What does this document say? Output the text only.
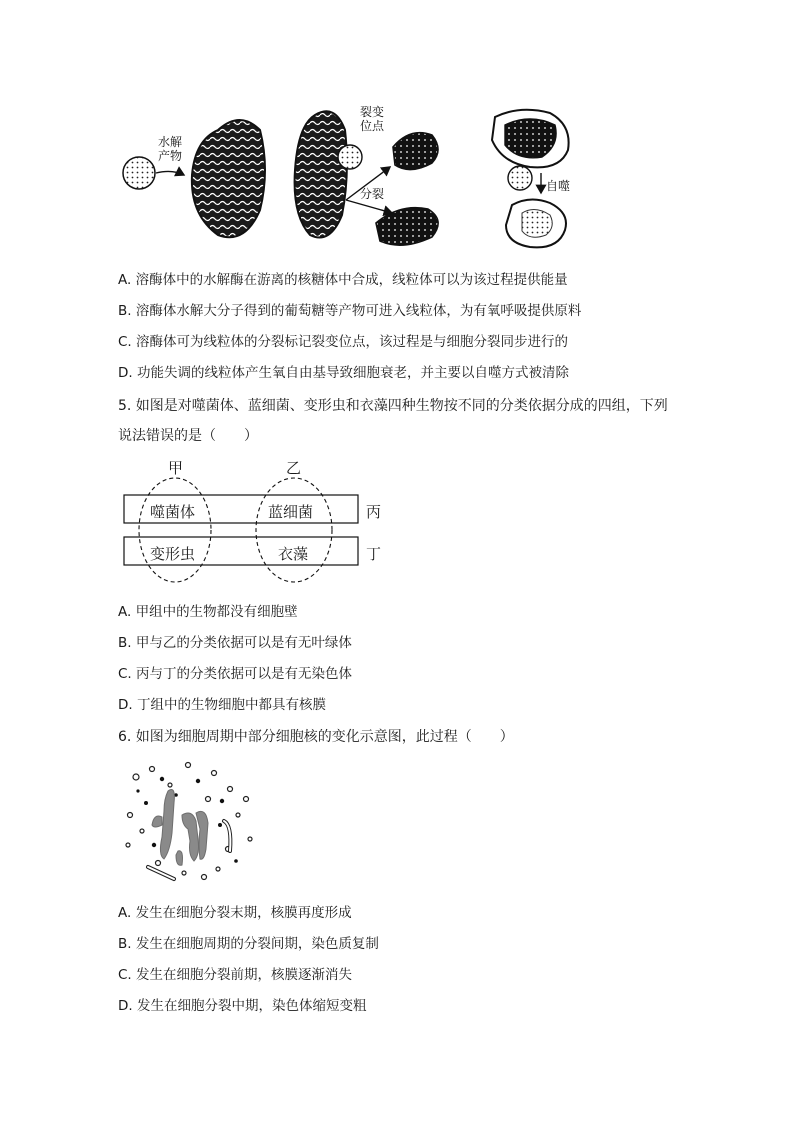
水解
产物
裂变
位点
分裂
自噬
A. 溶酶体中的水解酶在游离的核糖体中合成，线粒体可以为该过程提供能量
B. 溶酶体水解大分子得到的葡萄糖等产物可进入线粒体，为有氧呼吸提供原料
C. 溶酶体可为线粒体的分裂标记裂变位点，该过程是与细胞分裂同步进行的
D. 功能失调的线粒体产生氧自由基导致细胞衰老，并主要以自噬方式被清除
5. 如图是对噬菌体、蓝细菌、变形虫和衣藻四种生物按不同的分类依据分成的四组，下列
说法错误的是（　　）
甲	乙
丙
丁
噬菌体	蓝细菌
变形虫	衣藻
A. 甲组中的生物都没有细胞壁
B. 甲与乙的分类依据可以是有无叶绿体
C. 丙与丁的分类依据可以是有无染色体
D. 丁组中的生物细胞中都具有核膜
6. 如图为细胞周期中部分细胞核的变化示意图，此过程（　　）
A. 发生在细胞分裂末期，核膜再度形成
B. 发生在细胞周期的分裂间期，染色质复制
C. 发生在细胞分裂前期，核膜逐渐消失
D. 发生在细胞分裂中期，染色体缩短变粗
